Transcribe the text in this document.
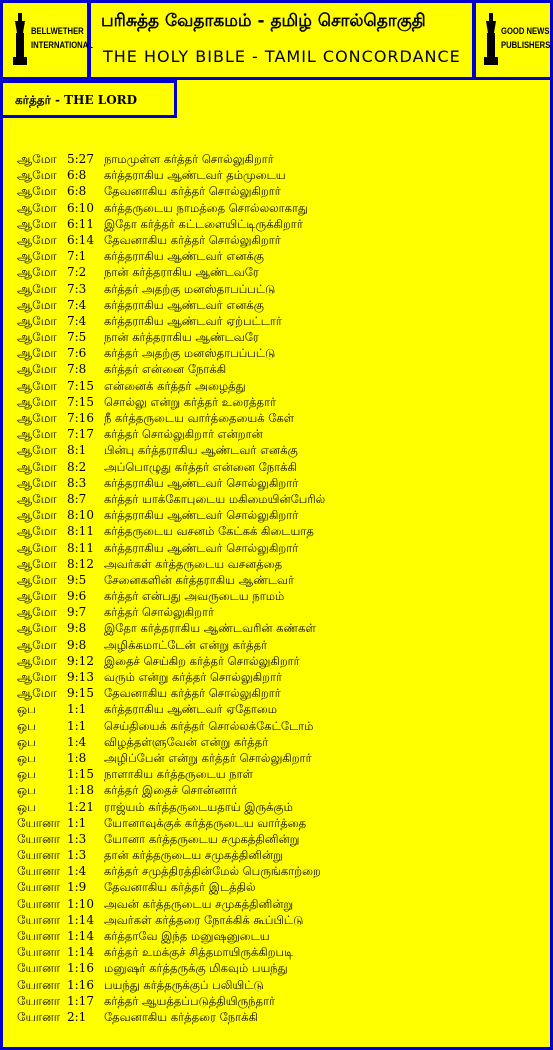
BELLWETHER
INTERNATIONAL
பரிசுத்த வேதாகமம் - தமிழ் சொல்தொகுதி
THE HOLY BIBLE - TAMIL CONCORDANCE
GOOD NEWS
PUBLISHERS
கர்த்தர் - THE LORD
ஆமோ 5:27 நாமமுள்ள கர்த்தர் சொல்லுகிறார்
ஆமோ 6:8 கர்த்தராகிய ஆண்டவர் தம்முடைய
ஆமோ 6:8 தேவனாகிய கர்த்தர் சொல்லுகிறார்
ஆமோ 6:10 கர்த்தருடைய நாமத்தை சொல்லலாகாது
ஆமோ 6:11 இதோ கர்த்தர் கட்டளையிட்டிருக்கிறார்
ஆமோ 6:14 தேவனாகிய கர்த்தர் சொல்லுகிறார்
ஆமோ 7:1 கர்த்தராகிய ஆண்டவர் எனக்கு
ஆமோ 7:2 நான் கர்த்தராகிய ஆண்டவரே
ஆமோ 7:3 கர்த்தர் அதற்கு மனஸ்தாபப்பட்டு
ஆமோ 7:4 கர்த்தராகிய ஆண்டவர் எனக்கு
ஆமோ 7:4 கர்த்தராகிய ஆண்டவர் ஏற்பட்டார்
ஆமோ 7:5 நான் கர்த்தராகிய ஆண்டவரே
ஆமோ 7:6 கர்த்தர் அதற்கு மனஸ்தாபப்பட்டு
ஆமோ 7:8 கர்த்தர் என்னை நோக்கி
ஆமோ 7:15 என்னைக் கர்த்தர் அழைத்து
ஆமோ 7:15 சொல்லு என்று கர்த்தர் உரைத்தார்
ஆமோ 7:16 நீ கர்த்தருடைய வார்த்தையைக் கேள்
ஆமோ 7:17 கர்த்தர் சொல்லுகிறார் என்றான்
ஆமோ 8:1 பின்பு கர்த்தராகிய ஆண்டவர் எனக்கு
ஆமோ 8:2 அப்பொழுது கர்த்தர் என்னை நோக்கி
ஆமோ 8:3 கர்த்தராகிய ஆண்டவர் சொல்லுகிறார்
ஆமோ 8:7 கர்த்தர் யாக்கோபுடைய மகிமையின்பேரில்
ஆமோ 8:10 கர்த்தராகிய ஆண்டவர் சொல்லுகிறார்
ஆமோ 8:11 கர்த்தருடைய வசனம் கேட்கக் கிடையாத
ஆமோ 8:11 கர்த்தராகிய ஆண்டவர் சொல்லுகிறார்
ஆமோ 8:12 அவர்கள் கர்த்தருடைய வசனத்தை
ஆமோ 9:5 சேனைகளின் கர்த்தராகிய ஆண்டவர்
ஆமோ 9:6 கர்த்தர் என்பது அவருடைய நாமம்
ஆமோ 9:7 கர்த்தர் சொல்லுகிறார்
ஆமோ 9:8 இதோ கர்த்தராகிய ஆண்டவரின் கண்கள்
ஆமோ 9:8 அழிக்கமாட்டேன் என்று கர்த்தர்
ஆமோ 9:12 இதைச் செய்கிற கர்த்தர் சொல்லுகிறார்
ஆமோ 9:13 வரும் என்று கர்த்தர் சொல்லுகிறார்
ஆமோ 9:15 தேவனாகிய கர்த்தர் சொல்லுகிறார்
ஒப	1:1 கர்த்தராகிய ஆண்டவர் ஏதோமை
ஒப	1:1 செய்தியைக் கர்த்தர் சொல்லக்கேட்டோம்
ஒப	1:4 விழத்தள்ளுவேன் என்று கர்த்தர்
ஒப	1:8 அழிப்பேன் என்று கர்த்தர் சொல்லுகிறார்
ஒப	1:15 நாளாகிய கர்த்தருடைய நாள்
ஒப	1:18 கர்த்தர் இதைச் சொன்னார்
ஒப	1:21 ராஜ்யம் கர்த்தருடையதாய் இருக்கும்
யோனா 1:1 யோனாவுக்குக் கர்த்தருடைய வார்த்தை
யோனா 1:3 யோனா கர்த்தருடைய சமுகத்தினின்று
யோனா 1:3 தான் கர்த்தருடைய சமுகத்தினின்று
யோனா 1:4 கர்த்தர் சமுத்திரத்தின்மேல் பெருங்காற்றை
யோனா 1:9 தேவனாகிய கர்த்தர் இடத்தில்
யோனா 1:10 அவன் கர்த்தருடைய சமுகத்தினின்று
யோனா 1:14 அவர்கள் கர்த்தரை நோக்கிக் கூப்பிட்டு
யோனா 1:14 கர்த்தாவே இந்த மனுஷனுடைய
யோனா 1:14 கர்த்தர் உமக்குச் சித்தமாயிருக்கிறபடி
யோனா 1:16 மனுஷர் கர்த்தருக்கு மிகவும் பயந்து
யோனா 1:16 பயந்து கர்த்தருக்குப் பலியிட்டு
யோனா 1:17 கர்த்தர் ஆயத்தப்படுத்தியிருந்தார்
யோனா 2:1 தேவனாகிய கர்த்தரை நோக்கி
